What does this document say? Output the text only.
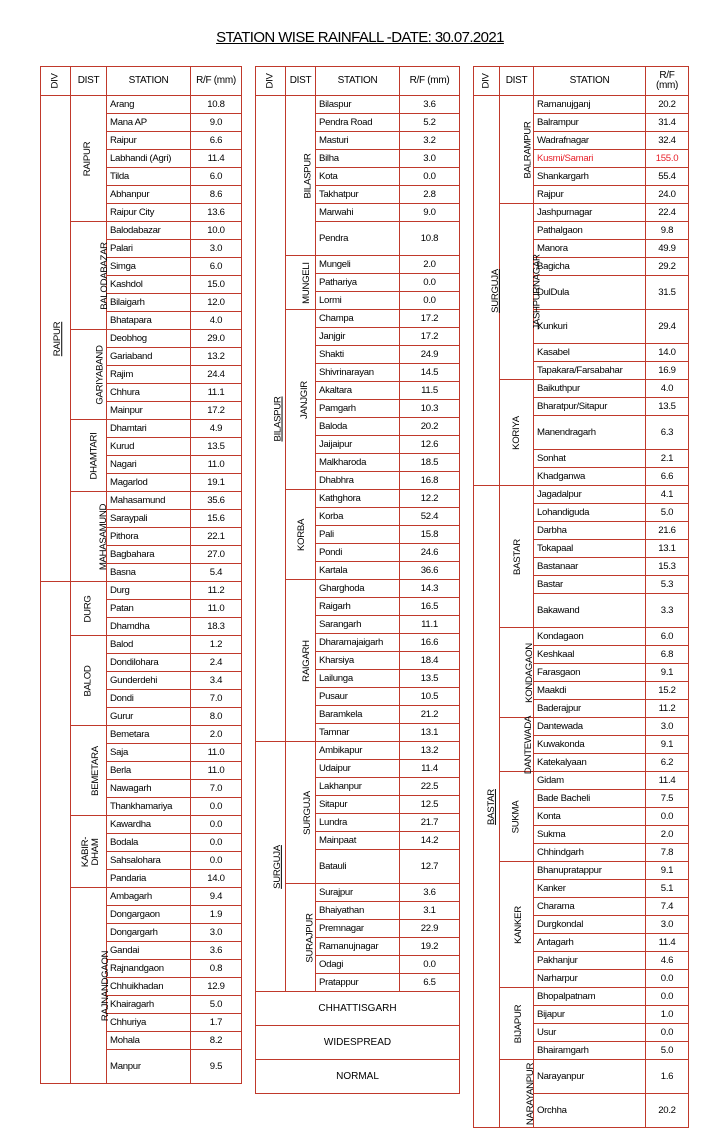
STATION WISE RAINFALL -DATE: 30.07.2021
DIV	DIST	STATION	R/F (mm)
RAIPUR	RAIPUR	Arang	10.8
		Mana AP	9.0
		Raipur	6.6
		Labhandi (Agri)	11.4
		Tilda	6.0
		Abhanpur	8.6
		Raipur City	13.6
	BALODABAZAR	Balodabazar	10.0
		Palari	3.0
		Simga	6.0
		Kashdol	15.0
		Bilaigarh	12.0
		Bhatapara	4.0
	GARIYABAND	Deobhog	29.0
		Gariaband	13.2
		Rajim	24.4
		Chhura	11.1
		Mainpur	17.2
	DHAMTARI	Dhamtari	4.9
		Kurud	13.5
		Nagari	11.0
		Magarlod	19.1
	MAHASAMUND	Mahasamund	35.6
		Saraypali	15.6
		Pithora	22.1
		Bagbahara	27.0
		Basna	5.4
	DURG	Durg	11.2
		Patan	11.0
		Dhamdha	18.3
	BALOD	Balod	1.2
		Dondilohara	2.4
		Gunderdehi	3.4
		Dondi	7.0
		Gurur	8.0
	BEMETARA	Bemetara	2.0
		Saja	11.0
		Berla	11.0
		Nawagarh	7.0
		Thankhamariya	0.0
	KABIR-DHAM	Kawardha	0.0
		Bodala	0.0
		Sahsalohara	0.0
		Pandaria	14.0
	RAJNANDGAON	Ambagarh	9.4
		Dongargaon	1.9
		Dongargarh	3.0
		Gandai	3.6
		Rajnandgaon	0.8
		Chhuikhadan	12.9
		Khairagarh	5.0
		Chhuriya	1.7
		Mohala	8.2
		Manpur	9.5
DIV	DIST	STATION	R/F (mm)
BILASPUR	BILASPUR	Bilaspur	3.6
		Pendra Road	5.2
		Masturi	3.2
		Bilha	3.0
		Kota	0.0
		Takhatpur	2.8
		Marwahi	9.0
		Pendra	10.8
	MUNGELI	Mungeli	2.0
		Pathariya	0.0
		Lormi	0.0
	JANJGIR	Champa	17.2
		Janjgir	17.2
		Shakti	24.9
		Shivrinarayan	14.5
		Akaltara	11.5
		Pamgarh	10.3
		Baloda	20.2
		Jaijaipur	12.6
		Malkharoda	18.5
		Dhabhra	16.8
	KORBA	Kathghora	12.2
		Korba	52.4
		Pali	15.8
		Pondi	24.6
		Kartala	36.6
	RAIGARH	Gharghoda	14.3
		Raigarh	16.5
		Sarangarh	11.1
		Dharamajaigarh	16.6
		Kharsiya	18.4
		Lailunga	13.5
		Pusaur	10.5
		Baramkela	21.2
		Tamnar	13.1
SURGUJA	SURGUJA	Ambikapur	13.2
		Udaipur	11.4
		Lakhanpur	22.5
		Sitapur	12.5
		Lundra	21.7
		Mainpaat	14.2
		Batauli	12.7
	SURAJPUR	Surajpur	3.6
		Bhaiyathan	3.1
		Premnagar	22.9
		Ramanujnagar	19.2
		Odagi	0.0
		Pratappur	6.5
CHHATTISGARH			
WIDESPREAD			
NORMAL			
DIV	DIST	STATION	R/F (mm)
SURGUJA	BALRAMPUR	Ramanujganj	20.2
		Balrampur	31.4
		Wadrafnagar	32.4
		Kusmi/Samari	155.0
		Shankargarh	55.4
		Rajpur	24.0
	JASHPURNAGAR	Jashpurnagar	22.4
		Pathalgaon	9.8
		Manora	49.9
		Bagicha	29.2
		DulDula	31.5
		Kunkuri	29.4
		Kasabel	14.0
		Tapakara/Farsabahar	16.9
	KORIYA	Baikuthpur	4.0
		Bharatpur/Sitapur	13.5
		Manendragarh	6.3
		Sonhat	2.1
		Khadganwa	6.6
BASTAR	BASTAR	Jagadalpur	4.1
		Lohandiguda	5.0
		Darbha	21.6
		Tokapaal	13.1
		Bastanaar	15.3
		Bastar	5.3
		Bakawand	3.3
	KONDAGAON	Kondagaon	6.0
		Keshkaal	6.8
		Farasgaon	9.1
		Maakdi	15.2
		Baderajpur	11.2
	DANTEWADA	Dantewada	3.0
		Kuwakonda	9.1
		Katekalyaan	6.2
	SUKMA	Gidam	11.4
		Bade Bacheli	7.5
		Konta	0.0
		Sukma	2.0
		Chhindgarh	7.8
	KANKER	Bhanupratappur	9.1
		Kanker	5.1
		Charama	7.4
		Durgkondal	3.0
		Antagarh	11.4
		Pakhanjur	4.6
		Narharpur	0.0
	BIJAPUR	Bhopalpatnam	0.0
		Bijapur	1.0
		Usur	0.0
		Bhairamgarh	5.0
	NARAYANPUR	Narayanpur	1.6
		Orchha	20.2
